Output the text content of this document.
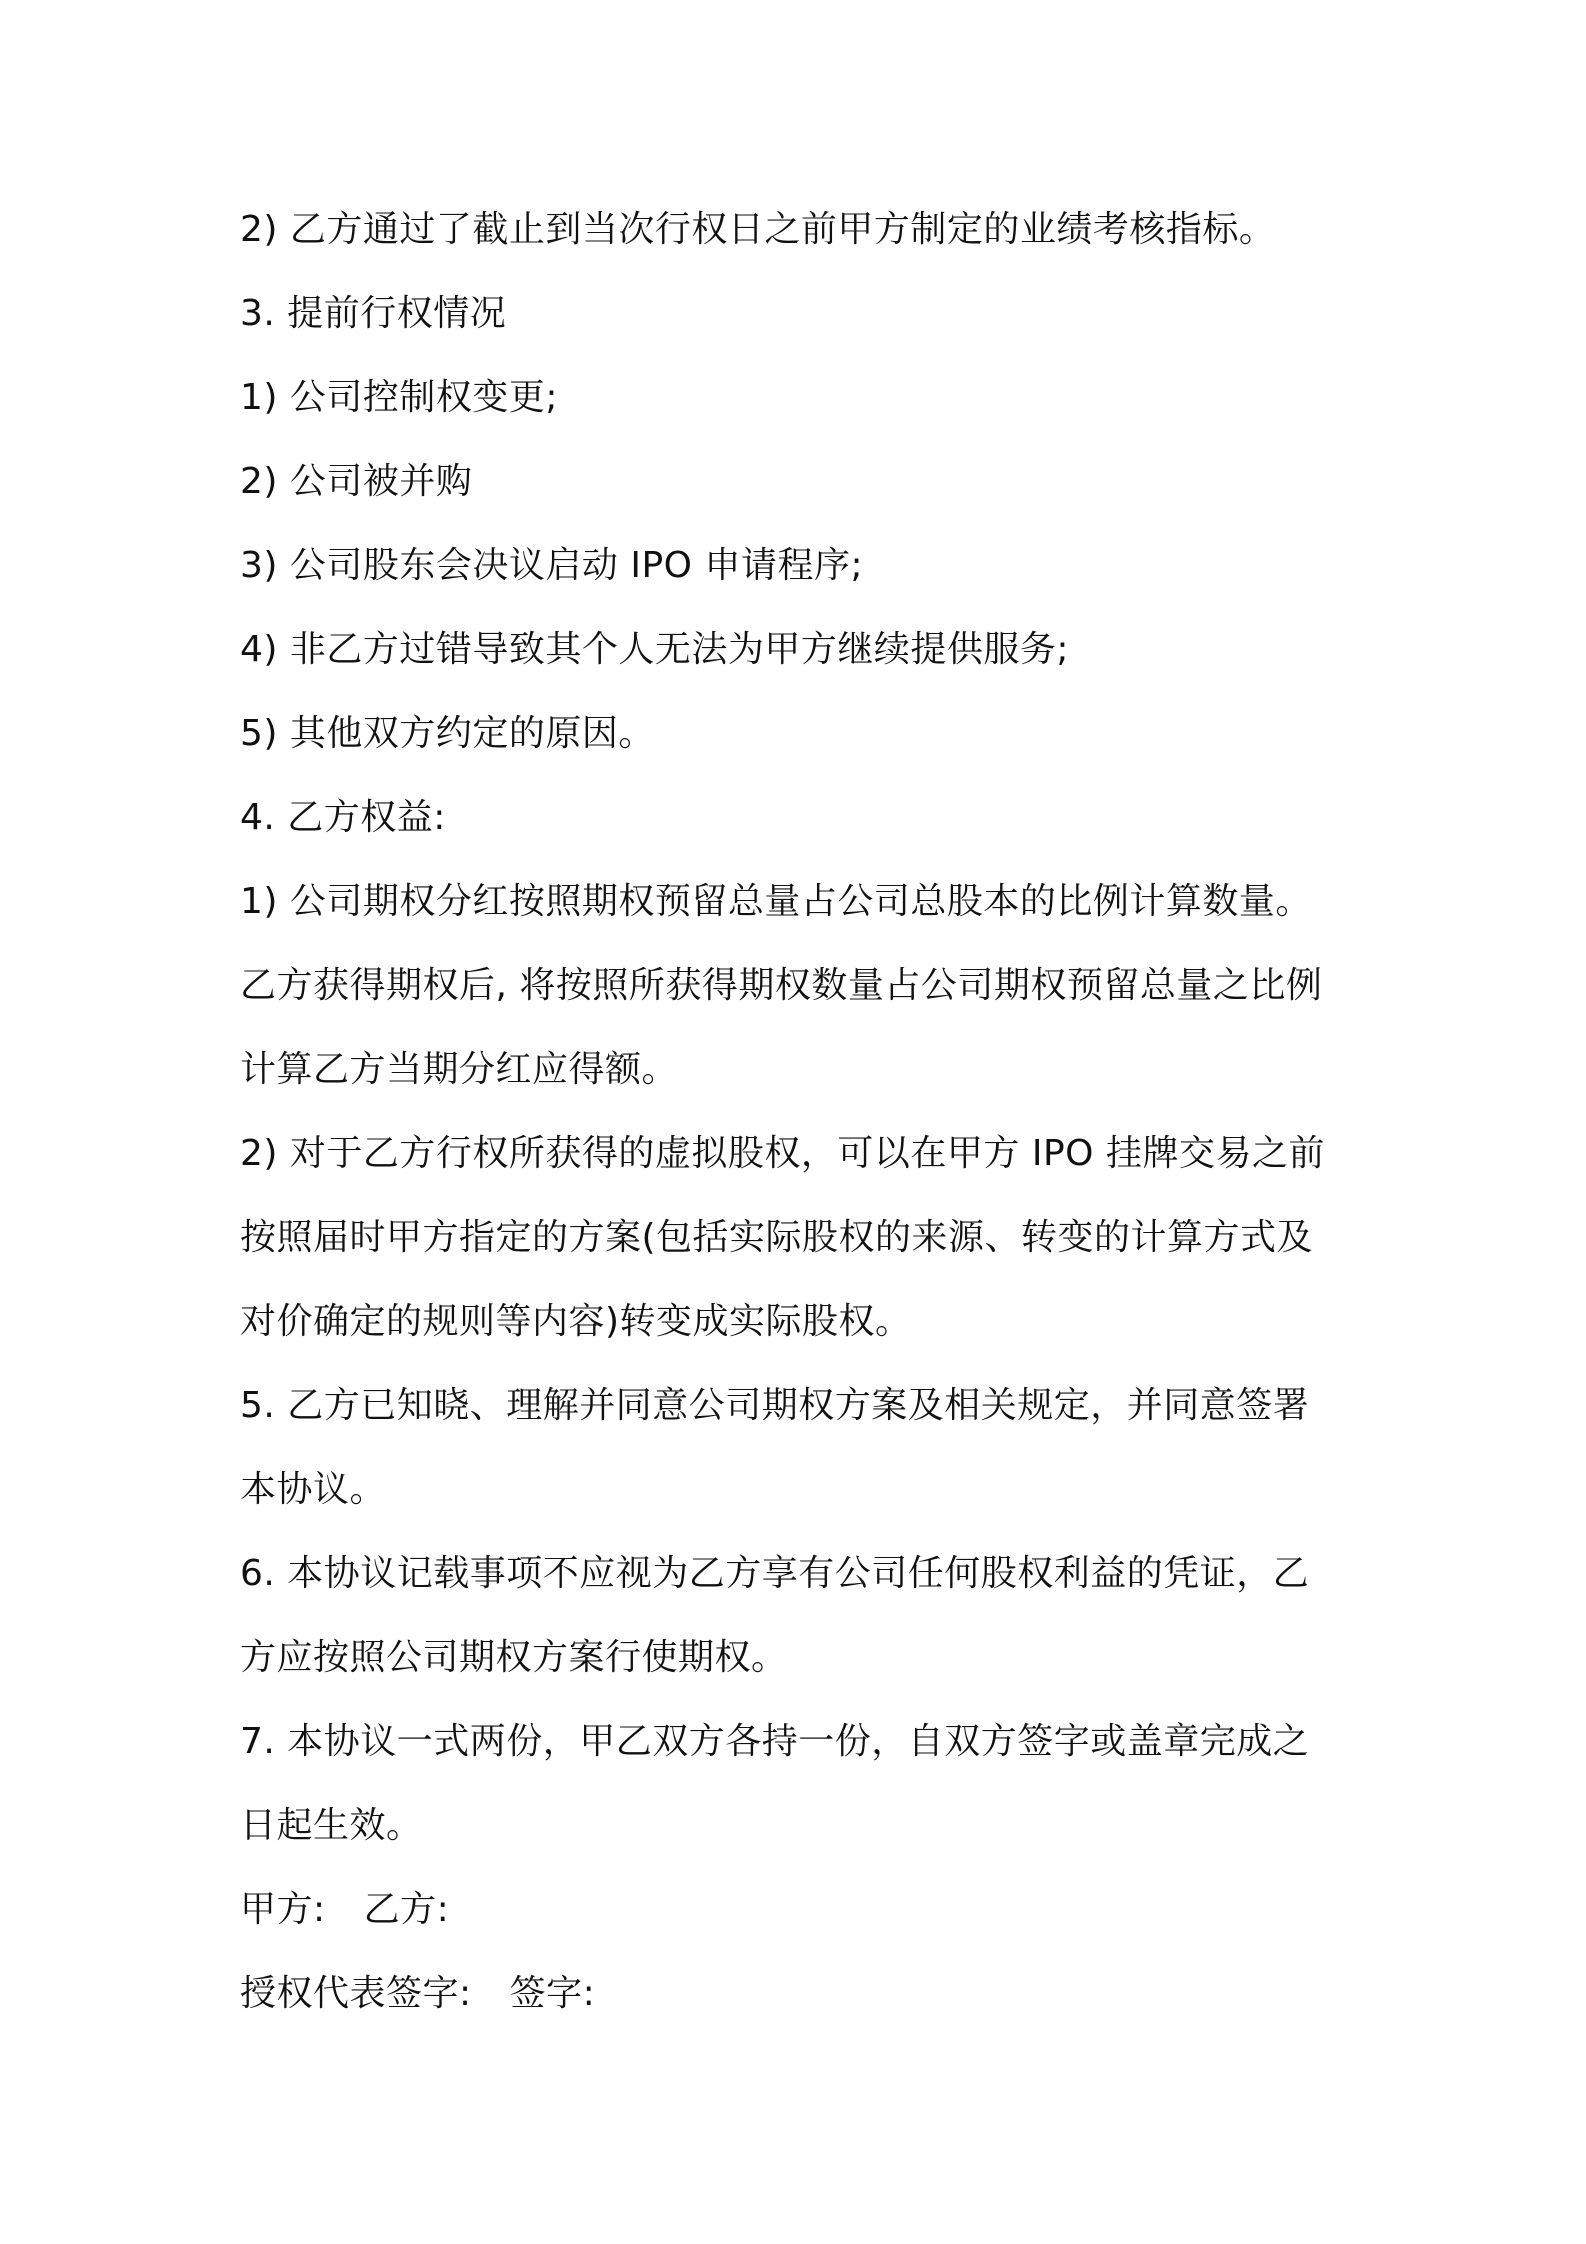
2) 乙方通过了截止到当次行权日之前甲方制定的业绩考核指标。
3. 提前行权情况
1) 公司控制权变更;
2) 公司被并购
3) 公司股东会决议启动 IPO 申请程序;
4) 非乙方过错导致其个人无法为甲方继续提供服务;
5) 其他双方约定的原因。
4. 乙方权益:
1) 公司期权分红按照期权预留总量占公司总股本的比例计算数量。
乙方获得期权后, 将按照所获得期权数量占公司期权预留总量之比例
计算乙方当期分红应得额。
2) 对于乙方行权所获得的虚拟股权，可以在甲方 IPO 挂牌交易之前
按照届时甲方指定的方案(包括实际股权的来源、转变的计算方式及
对价确定的规则等内容)转变成实际股权。
5. 乙方已知晓、理解并同意公司期权方案及相关规定，并同意签署
本协议。
6. 本协议记载事项不应视为乙方享有公司任何股权利益的凭证，乙
方应按照公司期权方案行使期权。
7. 本协议一式两份，甲乙双方各持一份，自双方签字或盖章完成之
日起生效。
甲方: 乙方:
授权代表签字: 签字:
